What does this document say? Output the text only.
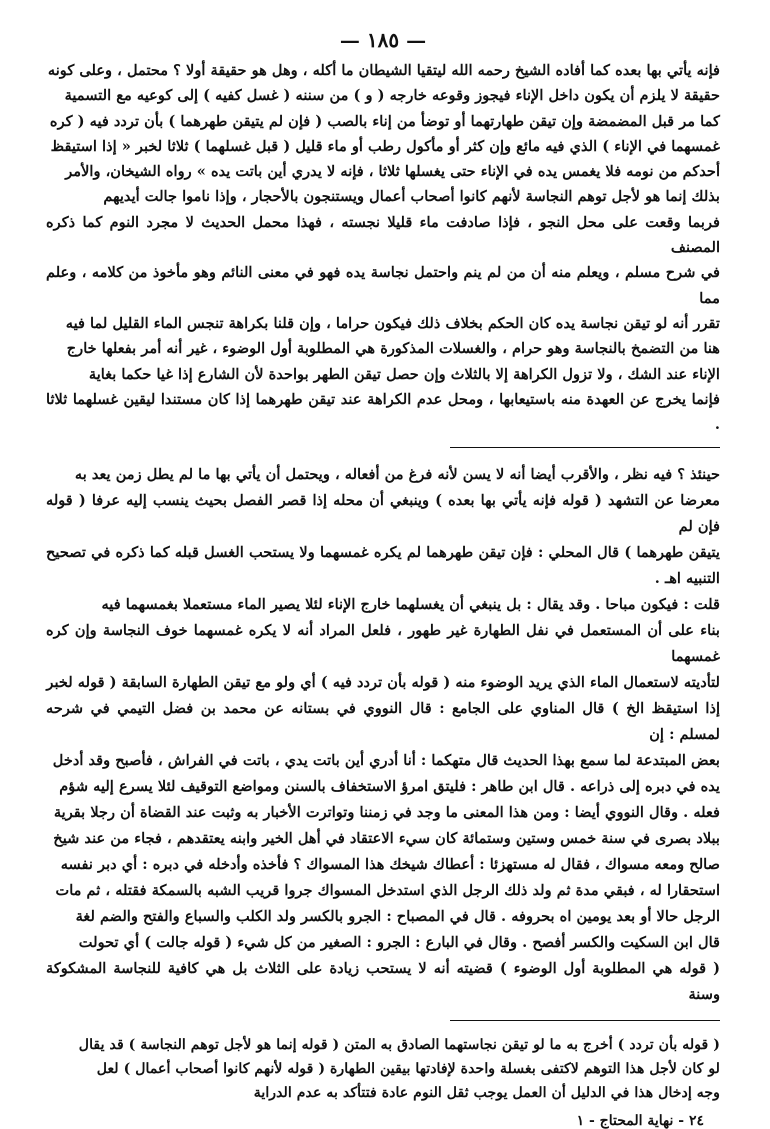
— ١٨٥ —

فإنه يأتي بها بعده كما أفاده الشيخ رحمه الله ليتقيا الشيطان ما أكله ، وهل هو حقيقة أولا ؟ محتمل ، وعلى كونه

حقيقة لا يلزم أن يكون داخل الإناء فيجوز وقوعه خارجه ( و ) من سننه ( غسل كفيه ) إلى كوعيه مع التسمية

كما مر قبل المضمضة وإن تيقن طهارتهما أو توضأ من إناء بالصب ( فإن لم يتيقن طهرهما ) بأن تردد فيه ( كره

غمسهما في الإناء ) الذي فيه مائع وإن كثر أو مأكول رطب أو ماء قليل ( قبل غسلهما ) ثلاثا لخبر « إذا استيقظ

أحدكم من نومه فلا يغمس يده في الإناء حتى يغسلها ثلاثا ، فإنه لا يدري أين باتت يده » رواه الشيخان، والأمر

بذلك إنما هو لأجل توهم النجاسة لأنهم كانوا أصحاب أعمال ويستنجون بالأحجار ، وإذا ناموا جالت أيديهم

فربما وقعت على محل النجو ، فإذا صادفت ماء قليلا نجسته ، فهذا محمل الحديث لا مجرد النوم كما ذكره المصنف

في شرح مسلم ، ويعلم منه أن من لم ينم واحتمل نجاسة يده فهو في معنى النائم وهو مأخوذ من كلامه ، وعلم مما

تقرر أنه لو تيقن نجاسة يده كان الحكم بخلاف ذلك فيكون حراما ، وإن قلنا بكراهة تنجس الماء القليل لما فيه

هنا من التضمخ بالنجاسة وهو حرام ، والغسلات المذكورة هي المطلوبة أول الوضوء ، غير أنه أمر بفعلها خارج

الإناء عند الشك ، ولا تزول الكراهة إلا بالثلاث وإن حصل تيقن الطهر بواحدة لأن الشارع إذا غيا حكما بغاية

فإنما يخرج عن العهدة منه باستيعابها ، ومحل عدم الكراهة عند تيقن طهرهما إذا كان مستندا ليقين غسلهما ثلاثا .

حينئذ ؟ فيه نظر ، والأقرب أيضا أنه لا يسن لأنه فرغ من أفعاله ، ويحتمل أن يأتي بها ما لم يطل زمن يعد به

معرضا عن التشهد ( قوله فإنه يأتي بها بعده ) وينبغي أن محله إذا قصر الفصل بحيث ينسب إليه عرفا ( قوله فإن لم

يتيقن طهرهما ) قال المحلي : فإن تيقن طهرهما لم يكره غمسهما ولا يستحب الغسل قبله كما ذكره في تصحيح التنبيه اهـ .

قلت : فيكون مباحا . وقد يقال : بل ينبغي أن يغسلهما خارج الإناء لئلا يصير الماء مستعملا بغمسهما فيه

بناء على أن المستعمل في نفل الطهارة غير طهور ، فلعل المراد أنه لا يكره غمسهما خوف النجاسة وإن كره غمسهما

لتأديته لاستعمال الماء الذي يريد الوضوء منه ( قوله بأن تردد فيه ) أي ولو مع تيقن الطهارة السابقة ( قوله لخبر

إذا استيقظ الخ ) قال المناوي على الجامع : قال النووي في بستانه عن محمد بن فضل التيمي في شرحه لمسلم : إن

بعض المبتدعة لما سمع بهذا الحديث قال متهكما : أنا أدري أين باتت يدي ، باتت في الفراش ، فأصبح وقد أدخل

يده في دبره إلى ذراعه . قال ابن طاهر : فليتق امرؤ الاستخفاف بالسنن ومواضع التوقيف لئلا يسرع إليه شؤم

فعله . وقال النووي أيضا : ومن هذا المعنى ما وجد في زمننا وتواترت الأخبار به وثبت عند القضاة أن رجلا بقرية

ببلاد بصرى في سنة خمس وستين وستمائة كان سيء الاعتقاد في أهل الخير وابنه يعتقدهم ، فجاء من عند شيخ

صالح ومعه مسواك ، فقال له مستهزئا : أعطاك شيخك هذا المسواك ؟ فأخذه وأدخله في دبره : أي دبر نفسه

استحقارا له ، فبقي مدة ثم ولد ذلك الرجل الذي استدخل المسواك جروا قريب الشبه بالسمكة فقتله ، ثم مات

الرجل حالا أو بعد يومين اه بحروفه . قال في المصباح : الجرو بالكسر ولد الكلب والسباع والفتح والضم لغة

قال ابن السكيت والكسر أفصح . وقال في البارع : الجرو : الصغير من كل شيء ( قوله جالت ) أي تحولت

( قوله هي المطلوبة أول الوضوء ) قضيته أنه لا يستحب زيادة على الثلاث بل هي كافية للنجاسة المشكوكة وسنة

( قوله بأن تردد ) أخرج به ما لو تيقن نجاستهما الصادق به المتن ( قوله إنما هو لأجل توهم النجاسة ) قد يقال

لو كان لأجل هذا التوهم لاكتفى بغسلة واحدة لإفادتها بيقين الطهارة ( قوله لأنهم كانوا أصحاب أعمال ) لعل

وجه إدخال هذا في الدليل أن العمل يوجب ثقل النوم عادة فتتأكد به عدم الدراية

٢٤ - نهاية المحتاج - ١
